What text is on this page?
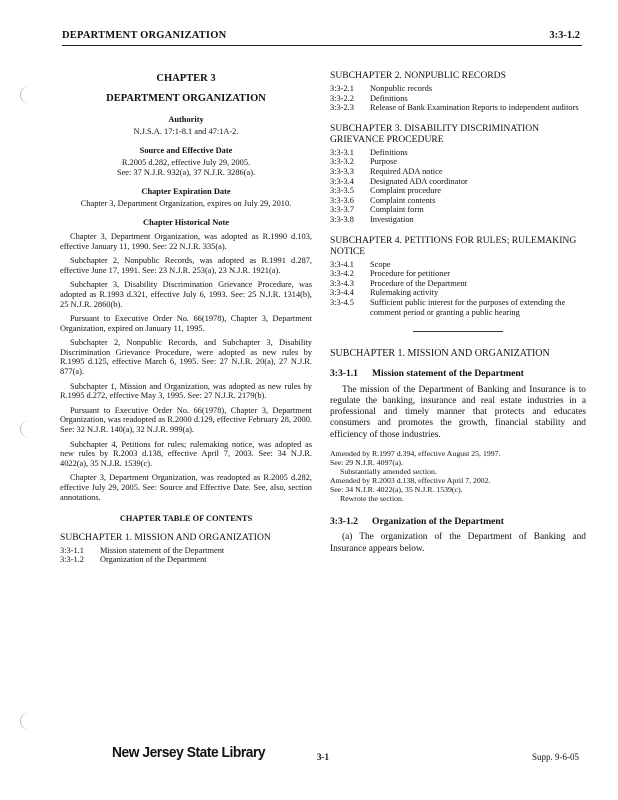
DEPARTMENT ORGANIZATION	3:3-1.2
CHAPTER 3
DEPARTMENT ORGANIZATION
Authority
N.J.S.A. 17:1-8.1 and 47:1A-2.
Source and Effective Date
R.2005 d.282, effective July 29, 2005.
See: 37 N.J.R. 932(a), 37 N.J.R. 3286(a).
Chapter Expiration Date
Chapter 3, Department Organization, expires on July 29, 2010.
Chapter Historical Note

Chapter 3, Department Organization, was adopted as R.1990 d.103, effective January 11, 1990. See: 22 N.J.R. 335(a).

Subchapter 2, Nonpublic Records, was adopted as R.1991 d.287, effective June 17, 1991. See: 23 N.J.R. 253(a), 23 N.J.R. 1921(a).

Subchapter 3, Disability Discrimination Grievance Procedure, was adopted as R.1993 d.321, effective July 6, 1993. See: 25 N.J.R. 1314(b), 25 N.J.R. 2860(b).

Pursuant to Executive Order No. 66(1978), Chapter 3, Department Organization, expired on January 11, 1995.

Subchapter 2, Nonpublic Records, and Subchapter 3, Disability Discrimination Grievance Procedure, were adopted as new rules by R.1995 d.125, effective March 6, 1995. See: 27 N.J.R. 20(a), 27 N.J.R. 877(a).

Subchapter 1, Mission and Organization, was adopted as new rules by R.1995 d.272, effective May 3, 1995. See: 27 N.J.R. 2179(b).

Pursuant to Executive Order No. 66(1978), Chapter 3, Department Organization, was readopted as R.2000 d.129, effective February 28, 2000. See: 32 N.J.R. 140(a), 32 N.J.R. 999(a).

Subchapter 4, Petitions for rules; rulemaking notice, was adopted as new rules by R.2003 d.138, effective April 7, 2003. See: 34 N.J.R. 4022(a), 35 N.J.R. 1539(c).

Chapter 3, Department Organization, was readopted as R.2005 d.282, effective July 29, 2005. See: Source and Effective Date. See, also, section annotations.

CHAPTER TABLE OF CONTENTS
SUBCHAPTER 1. MISSION AND ORGANIZATION
3:3-1.1	Mission statement of the Department
3:3-1.2	Organization of the Department
SUBCHAPTER 2. NONPUBLIC RECORDS
3:3-2.1	Nonpublic records
3:3-2.2	Definitions
3:3-2.3	Release of Bank Examination Reports to independent auditors
SUBCHAPTER 3. DISABILITY DISCRIMINATION GRIEVANCE PROCEDURE
3:3-3.1	Definitions
3:3-3.2	Purpose
3:3-3.3	Required ADA notice
3:3-3.4	Designated ADA coordinator
3:3-3.5	Complaint procedure
3:3-3.6	Complaint contents
3:3-3.7	Complaint form
3:3-3.8	Investigation
SUBCHAPTER 4. PETITIONS FOR RULES; RULEMAKING NOTICE
3:3-4.1	Scope
3:3-4.2	Procedure for petitioner
3:3-4.3	Procedure of the Department
3:3-4.4	Rulemaking activity
3:3-4.5	Sufficient public interest for the purposes of extending the comment period or granting a public hearing
SUBCHAPTER 1. MISSION AND ORGANIZATION
3:3-1.1	Mission statement of the Department

The mission of the Department of Banking and Insurance is to regulate the banking, insurance and real estate industries in a professional and timely manner that protects and educates consumers and promotes the growth, financial stability and efficiency of those industries.

Amended by R.1997 d.394, effective August 25, 1997.
See: 29 N.J.R. 4097(a).
Substantially amended section.
Amended by R.2003 d.138, effective April 7, 2002.
See: 34 N.J.R. 4022(a), 35 N.J.R. 1539(c).
Rewrote the section.
3:3-1.2	Organization of the Department

(a) The organization of the Department of Banking and Insurance appears below.

New Jersey State Library	3-1	Supp. 9-6-05
